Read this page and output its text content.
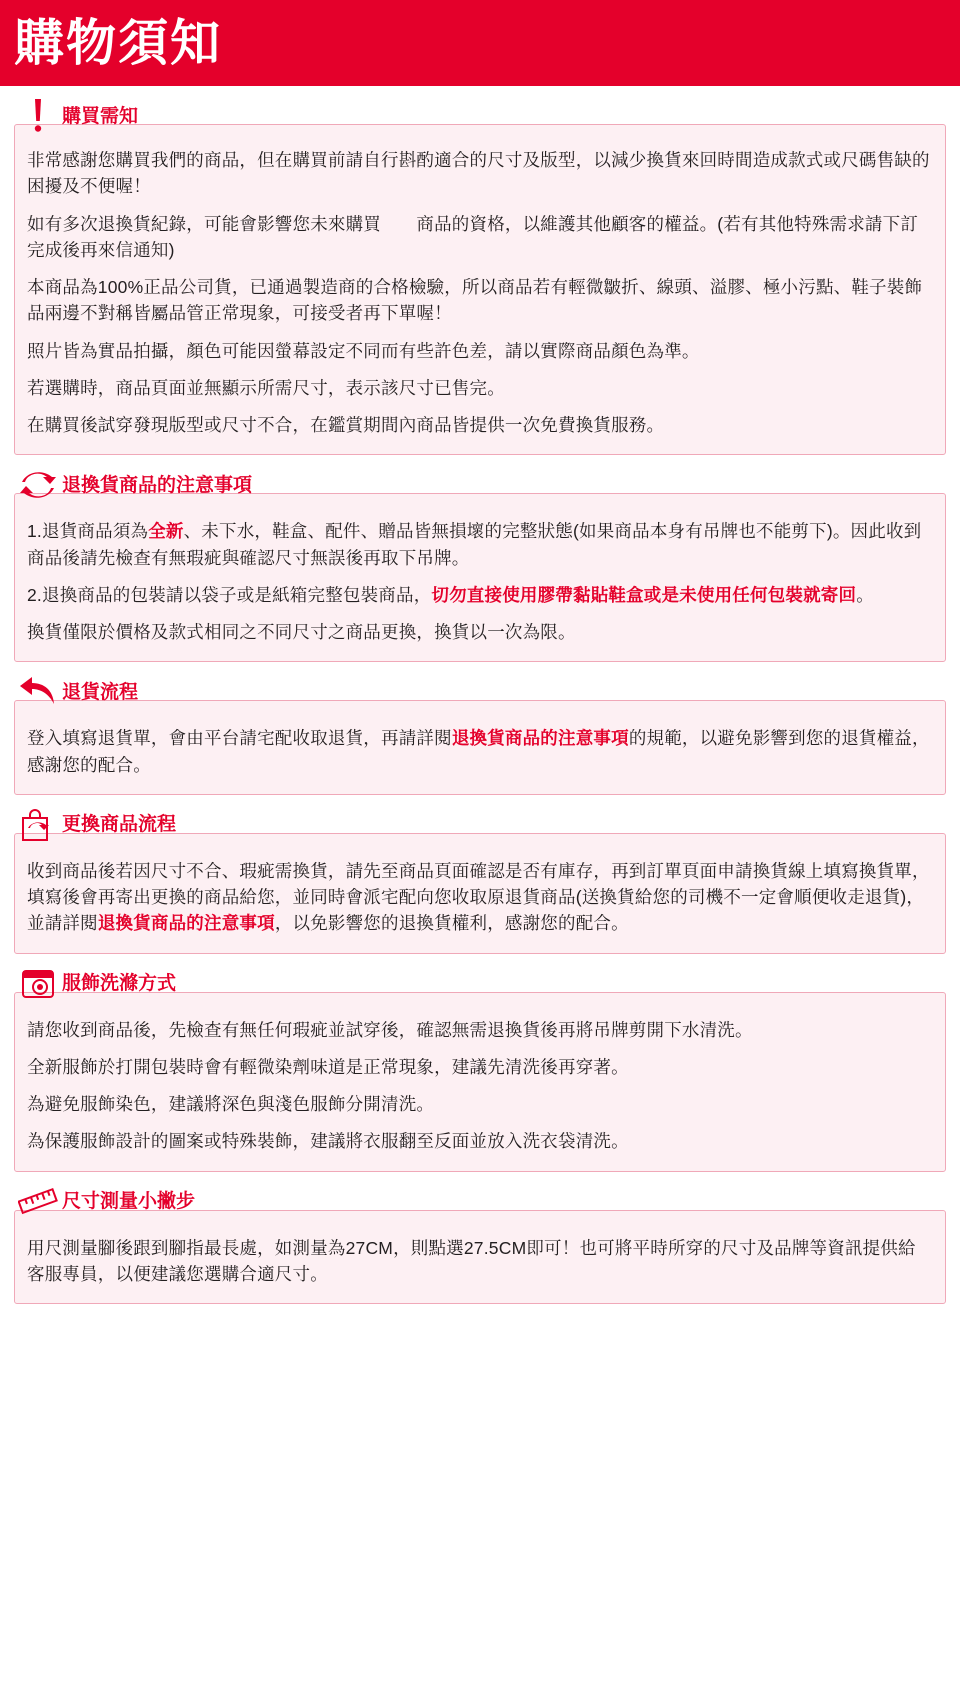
購物須知
購買需知

非常感謝您購買我們的商品，但在購買前請自行斟酌適合的尺寸及版型，以減少換貨來回時間造成款式或尺碼售缺的困擾及不便喔！

如有多次退換貨紀錄，可能會影響您未來購買　　 商品的資格，以維護其他顧客的權益。(若有其他特殊需求請下訂完成後再來信通知)

本商品為100%正品公司貨，已通過製造商的合格檢驗，所以商品若有輕微皺折、線頭、溢膠、極小污點、鞋子裝飾品兩邊不對稱皆屬品管正常現象，可接受者再下單喔！

照片皆為實品拍攝，顏色可能因螢幕設定不同而有些許色差，請以實際商品顏色為準。

若選購時，商品頁面並無顯示所需尺寸，表示該尺寸已售完。

在購買後試穿發現版型或尺寸不合，在鑑賞期間內商品皆提供一次免費換貨服務。

退換貨商品的注意事項

1.退貨商品須為全新、未下水，鞋盒、配件、贈品皆無損壞的完整狀態(如果商品本身有吊牌也不能剪下)。因此收到商品後請先檢查有無瑕疵與確認尺寸無誤後再取下吊牌。

2.退換商品的包裝請以袋子或是紙箱完整包裝商品，切勿直接使用膠帶黏貼鞋盒或是未使用任何包裝就寄回。

換貨僅限於價格及款式相同之不同尺寸之商品更換，換貨以一次為限。

退貨流程

登入填寫退貨單，會由平台請宅配收取退貨，再請詳閱退換貨商品的注意事項的規範，以避免影響到您的退貨權益，感謝您的配合。

更換商品流程

收到商品後若因尺寸不合、瑕疵需換貨，請先至商品頁面確認是否有庫存，再到訂單頁面申請換貨線上填寫換貨單，填寫後會再寄出更換的商品給您，並同時會派宅配向您收取原退貨商品(送換貨給您的司機不一定會順便收走退貨)，並請詳閱退換貨商品的注意事項，以免影響您的退換貨權利，感謝您的配合。

服飾洗滌方式

請您收到商品後，先檢查有無任何瑕疵並試穿後，確認無需退換貨後再將吊牌剪開下水清洗。

全新服飾於打開包裝時會有輕微染劑味道是正常現象，建議先清洗後再穿著。

為避免服飾染色，建議將深色與淺色服飾分開清洗。

為保護服飾設計的圖案或特殊裝飾，建議將衣服翻至反面並放入洗衣袋清洗。

尺寸測量小撇步

用尺測量腳後跟到腳指最長處，如測量為27CM，則點選27.5CM即可！也可將平時所穿的尺寸及品牌等資訊提供給客服專員，以便建議您選購合適尺寸。
